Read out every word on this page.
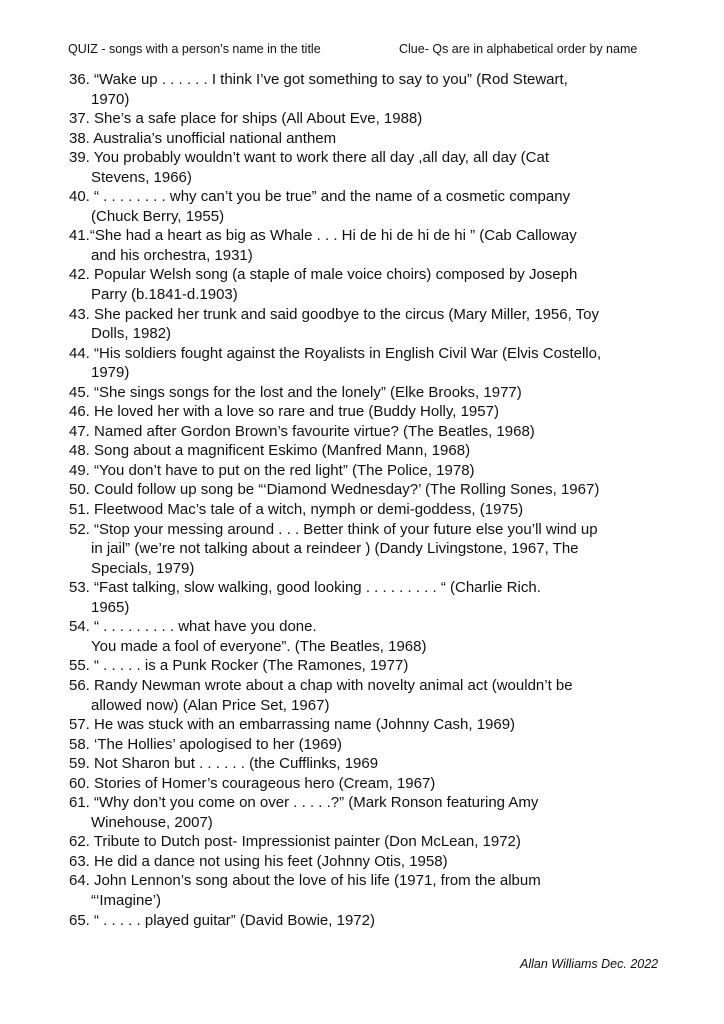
QUIZ - songs with a person’s name in the title	Clue- Qs are in alphabetical order by name
36. “Wake up . . . . . . I think I’ve got something to say to you” (Rod Stewart,
1970)
37. She’s a safe place for ships (All About Eve, 1988)
38. Australia’s unofficial national anthem
39. You probably wouldn’t want to work there all day ,all day, all day (Cat
Stevens, 1966)
40. “ . . . . . . . . why can’t you be true” and the name of a cosmetic company
(Chuck Berry, 1955)
41.“She had a heart as big as Whale . . . Hi de hi de hi de hi ” (Cab Calloway
and his orchestra, 1931)
42. Popular Welsh song (a staple of male voice choirs) composed by Joseph
Parry (b.1841-d.1903)
43. She packed her trunk and said goodbye to the circus (Mary Miller, 1956, Toy
Dolls, 1982)
44. “His soldiers fought against the Royalists in English Civil War (Elvis Costello,
1979)
45. “She sings songs for the lost and the lonely” (Elke Brooks, 1977)
46. He loved her with a love so rare and true (Buddy Holly, 1957)
47. Named after Gordon Brown’s favourite virtue? (The Beatles, 1968)
48. Song about a magnificent Eskimo (Manfred Mann, 1968)
49. “You don’t have to put on the red light” (The Police, 1978)
50. Could follow up song be “‘Diamond Wednesday?’ (The Rolling Sones, 1967)
51. Fleetwood Mac’s tale of a witch, nymph or demi-goddess, (1975)
52. “Stop your messing around . . . Better think of your future else you’ll wind up
in jail” (we’re not talking about a reindeer ) (Dandy Livingstone, 1967, The
Specials, 1979)
53. “Fast talking, slow walking, good looking . . . . . . . . . “ (Charlie Rich.
1965)
54. “ . . . . . . . . . what have you done.
You made a fool of everyone”. (The Beatles, 1968)
55. “ . . . . . is a Punk Rocker (The Ramones, 1977)
56. Randy Newman wrote about a chap with novelty animal act (wouldn’t be
allowed now) (Alan Price Set, 1967)
57. He was stuck with an embarrassing name (Johnny Cash, 1969)
58. ‘The Hollies’ apologised to her (1969)
59. Not Sharon but . . . . . . (the Cufflinks, 1969
60. Stories of Homer’s courageous hero (Cream, 1967)
61. “Why don’t you come on over . . . . .?” (Mark Ronson featuring Amy
Winehouse, 2007)
62. Tribute to Dutch post- Impressionist painter (Don McLean, 1972)
63. He did a dance not using his feet (Johnny Otis, 1958)
64. John Lennon’s song about the love of his life (1971, from the album
“‘Imagine’)
65. “ . . . . . played guitar” (David Bowie, 1972)
Allan Williams Dec. 2022
